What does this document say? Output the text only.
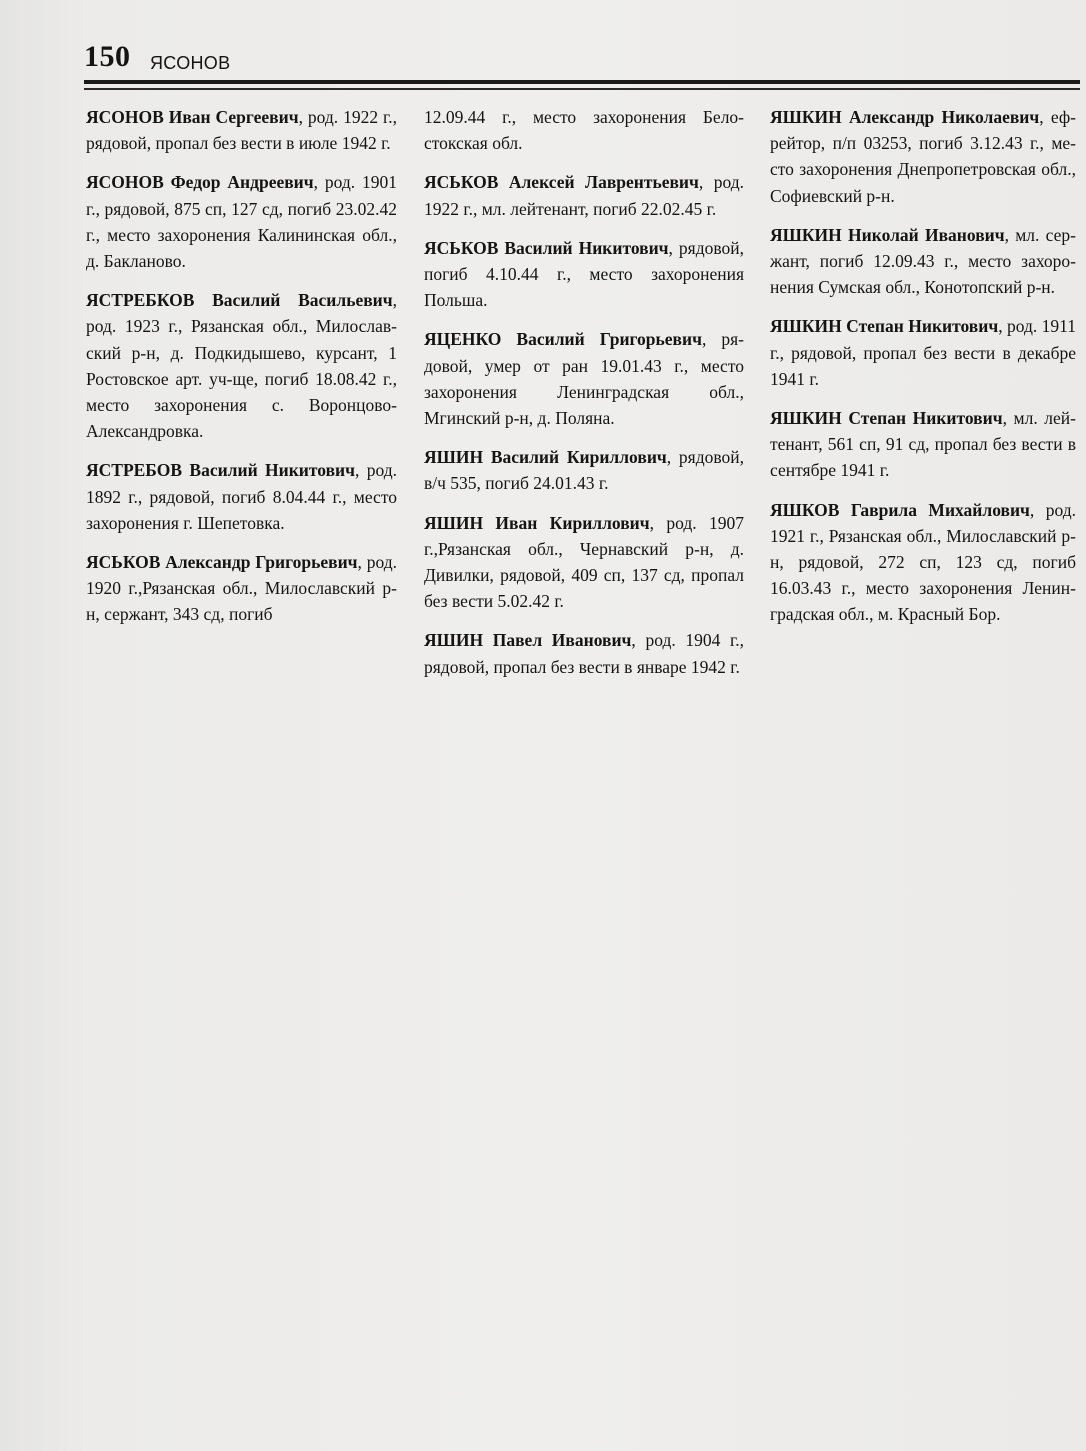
150 ЯСОНОВ

ЯСОНОВ Иван Сергеевич, род. 1922 г., рядовой, пропал без вести в июле 1942 г.

ЯСОНОВ Федор Андреевич, род. 1901 г., рядовой, 875 сп, 127 сд, погиб 23.02.42 г., место захоронения Калининская обл., д. Бакланово.

ЯСТРЕБКОВ Василий Васильевич, род. 1923 г., Рязанская обл., Милославский р-н, д. Подкидышево, курсант, 1 Ростовское арт. уч-ще, погиб 18.08.42 г., место захоронения с. Воронцово-Александровка.

ЯСТРЕБОВ Василий Никитович, род. 1892 г., рядовой, погиб 8.04.44 г., место захоронения г. Шепетовка.

ЯСЬКОВ Александр Григорьевич, род. 1920 г.,Рязанская обл., Милославский р-н, сержант, 343 сд, погиб

12.09.44 г., место захоронения Белостокская обл.

ЯСЬКОВ Алексей Лаврентьевич, род. 1922 г., мл. лейтенант, погиб 22.02.45 г.

ЯСЬКОВ Василий Никитович, рядовой, погиб 4.10.44 г., место захоронения Польша.

ЯЦЕНКО Василий Григорьевич, рядовой, умер от ран 19.01.43 г., место захоронения Ленинградская обл., Мгинский р-н, д. Поляна.

ЯШИН Василий Кириллович, рядовой, в/ч 535, погиб 24.01.43 г.

ЯШИН Иван Кириллович, род. 1907 г.,Рязанская обл., Чернавский р-н, д. Дивилки, рядовой, 409 сп, 137 сд, пропал без вести 5.02.42 г.

ЯШИН Павел Иванович, род. 1904 г., рядовой, пропал без вести в январе 1942 г.

ЯШКИН Александр Николаевич, ефрейтор, п/п 03253, погиб 3.12.43 г., место захоронения Днепропетровская обл., Софиевский р-н.

ЯШКИН Николай Иванович, мл. сержант, погиб 12.09.43 г., место захоронения Сумская обл., Конотопский р-н.

ЯШКИН Степан Никитович, род. 1911 г., рядовой, пропал без вести в декабре 1941 г.

ЯШКИН Степан Никитович, мл. лейтенант, 561 сп, 91 сд, пропал без вести в сентябре 1941 г.

ЯШКОВ Гаврила Михайлович, род. 1921 г., Рязанская обл., Милославский р-н, рядовой, 272 сп, 123 сд, погиб 16.03.43 г., место захоронения Ленинградская обл., м. Красный Бор.
